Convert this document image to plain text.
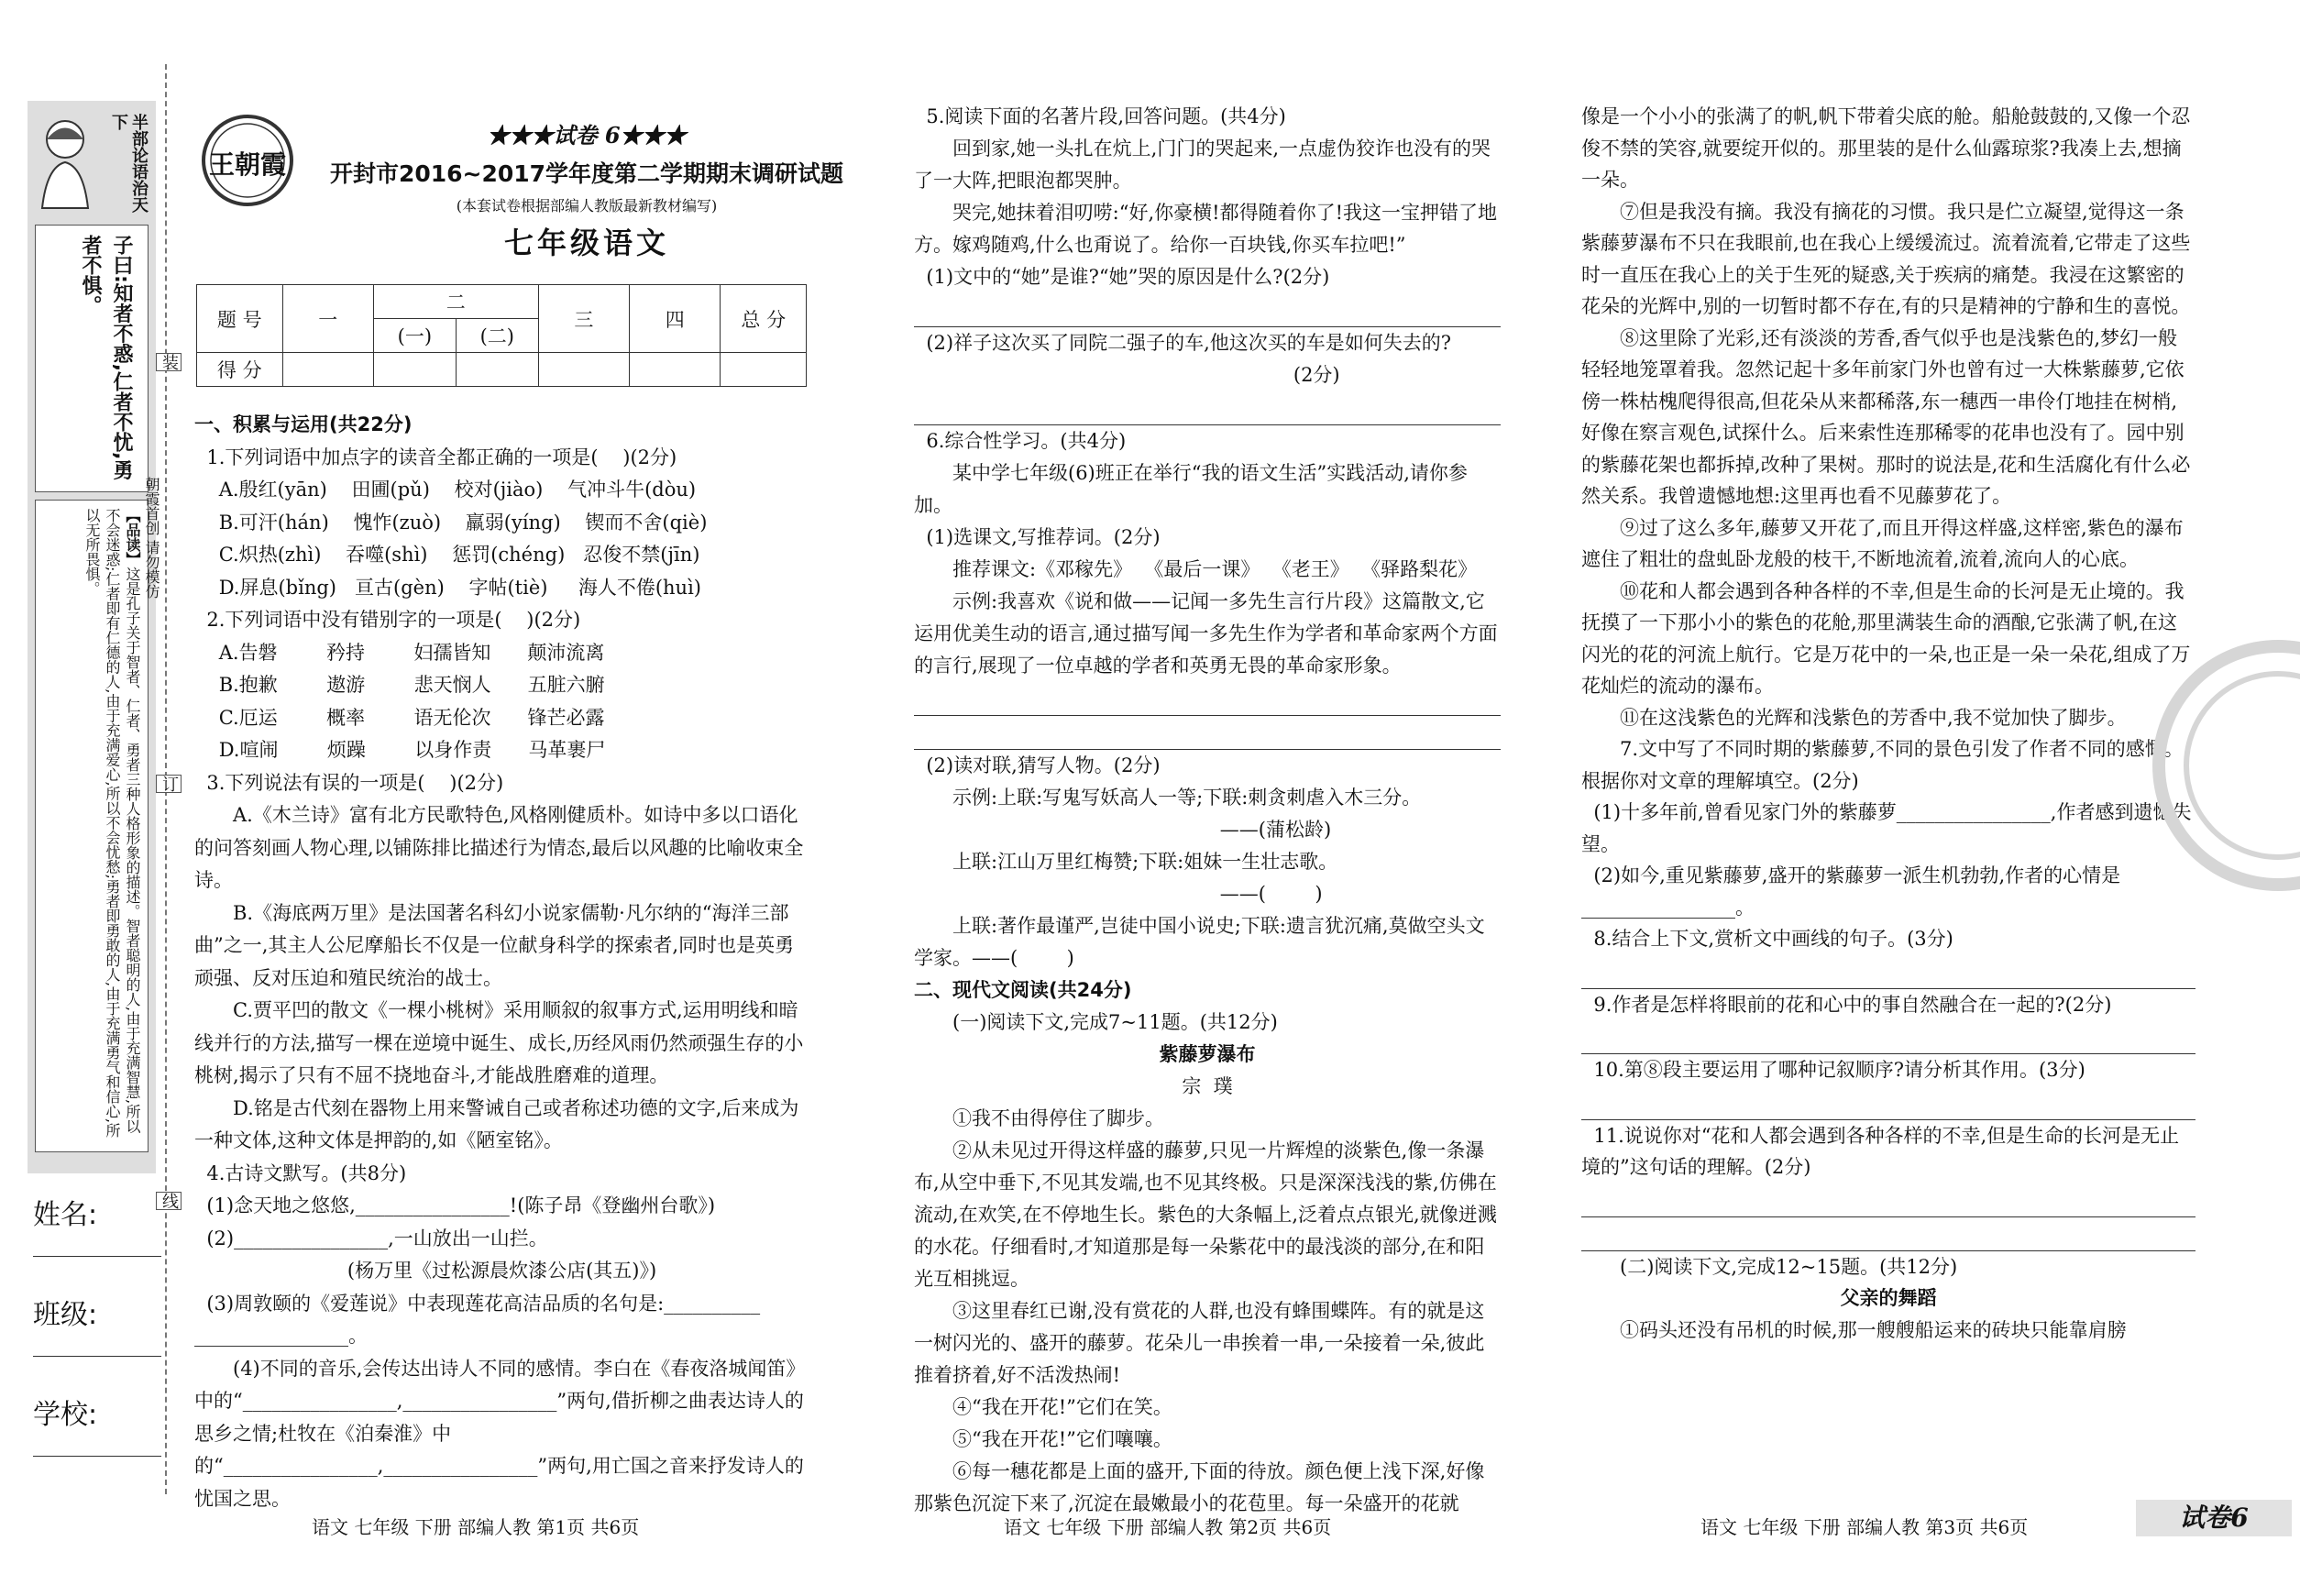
半部论语治天下
子曰:知者不惑,仁者不忧,勇者不惧。
【品读】这是孔子关于智者、仁者、勇者三种人格形象的描述。智者聪明的人,由于充满智慧,所以不会迷惑;仁者即有仁德的人,由于充满爱心,所以不会忧愁;勇者即勇敢的人,由于充满勇气和信心,所以无所畏惧。
装
订
线
朝霞首创 请勿模仿
姓名:
班级:
学校:
王朝霞
★★★试卷 6★★★
开封市2016~2017学年度第二学期期末调研试题
(本套试卷根据部编人教版最新教材编写)
七年级语文
题 号	一	二		三	四	总 分
		(一)	(二)			
得 分						

一、积累与运用(共22分)

1.下列词语中加点字的读音全都正确的一项是(    )(2分)

A.殷红(yān)    田圃(pǔ)    校对(jiào)    气冲斗牛(dòu)

B.可汗(hán)    愧怍(zuò)    羸弱(yíng)    锲而不舍(qiè)

C.炽热(zhì)    吞噬(shì)    惩罚(chéng)   忍俊不禁(jīn)

D.屏息(bǐng)   亘古(gèn)    字帖(tiè)     海人不倦(huì)

2.下列词语中没有错别字的一项是(    )(2分)

A.告磐        矜持        妇孺皆知      颠沛流离

B.抱歉        遨游        悲天悯人      五脏六腑

C.厄运        概率        语无伦次      锋芒必露

D.喧闹        烦躁        以身作责      马革裹尸

3.下列说法有误的一项是(    )(2分)

A.《木兰诗》富有北方民歌特色,风格刚健质朴。如诗中多以口语化的问答刻画人物心理,以铺陈排比描述行为情态,最后以风趣的比喻收束全诗。

B.《海底两万里》是法国著名科幻小说家儒勒·凡尔纳的“海洋三部曲”之一,其主人公尼摩船长不仅是一位献身科学的探索者,同时也是英勇顽强、反对压迫和殖民统治的战士。

C.贾平凹的散文《一棵小桃树》采用顺叙的叙事方式,运用明线和暗线并行的方法,描写一棵在逆境中诞生、成长,历经风雨仍然顽强生存的小桃树,揭示了只有不屈不挠地奋斗,才能战胜磨难的道理。

D.铭是古代刻在器物上用来警诫自己或者称述功德的文字,后来成为一种文体,这种文体是押韵的,如《陋室铭》。

4.古诗文默写。(共8分)

(1)念天地之悠悠,________________!(陈子昂《登幽州台歌》)

(2)________________,一山放出一山拦。

(杨万里《过松源晨炊漆公店(其五)》)

(3)周敦颐的《爱莲说》中表现莲花高洁品质的名句是:__________

________________。

(4)不同的音乐,会传达出诗人不同的感情。李白在《春夜洛城闻笛》中的“________________,________________”两句,借折柳之曲表达诗人的思乡之情;杜牧在《泊秦淮》中的“________________,________________”两句,用亡国之音来抒发诗人的忧国之思。

5.阅读下面的名著片段,回答问题。(共4分)

回到家,她一头扎在炕上,门门的哭起来,一点虚伪狡诈也没有的哭了一大阵,把眼泡都哭肿。

哭完,她抹着泪叨唠:“好,你豪横!都得随着你了!我这一宝押错了地方。嫁鸡随鸡,什么也甭说了。给你一百块钱,你买车拉吧!”

(1)文中的“她”是谁?“她”哭的原因是什么?(2分)

(2)祥子这次买了同院二强子的车,他这次买的车是如何失去的?

(2分)

6.综合性学习。(共4分)

某中学七年级(6)班正在举行“我的语文生活”实践活动,请你参加。

(1)选课文,写推荐词。(2分)

推荐课文:《邓稼先》  《最后一课》  《老王》  《驿路梨花》

示例:我喜欢《说和做——记闻一多先生言行片段》这篇散文,它运用优美生动的语言,通过描写闻一多先生作为学者和革命家两个方面的言行,展现了一位卓越的学者和英勇无畏的革命家形象。

(2)读对联,猜写人物。(2分)

示例:上联:写鬼写妖高人一等;下联:刺贪刺虐入木三分。

——(蒲松龄)

上联:江山万里红梅赞;下联:姐妹一生壮志歌。

——(        )

上联:著作最谨严,岂徒中国小说史;下联:遗言犹沉痛,莫做空头文学家。——(        )

二、现代文阅读(共24分)

(一)阅读下文,完成7~11题。(共12分)

紫藤萝瀑布

宗  璞

①我不由得停住了脚步。

②从未见过开得这样盛的藤萝,只见一片辉煌的淡紫色,像一条瀑布,从空中垂下,不见其发端,也不见其终极。只是深深浅浅的紫,仿佛在流动,在欢笑,在不停地生长。紫色的大条幅上,泛着点点银光,就像迸溅的水花。仔细看时,才知道那是每一朵紫花中的最浅淡的部分,在和阳光互相挑逗。

③这里春红已谢,没有赏花的人群,也没有蜂围蝶阵。有的就是这一树闪光的、盛开的藤萝。花朵儿一串挨着一串,一朵接着一朵,彼此推着挤着,好不活泼热闹!

④“我在开花!”它们在笑。

⑤“我在开花!”它们嚷嚷。

⑥每一穗花都是上面的盛开,下面的待放。颜色便上浅下深,好像那紫色沉淀下来了,沉淀在最嫩最小的花苞里。每一朵盛开的花就

像是一个小小的张满了的帆,帆下带着尖底的舱。船舱鼓鼓的,又像一个忍俊不禁的笑容,就要绽开似的。那里装的是什么仙露琼浆?我凑上去,想摘一朵。

⑦但是我没有摘。我没有摘花的习惯。我只是伫立凝望,觉得这一条紫藤萝瀑布不只在我眼前,也在我心上缓缓流过。流着流着,它带走了这些时一直压在我心上的关于生死的疑惑,关于疾病的痛楚。我浸在这繁密的花朵的光辉中,别的一切暂时都不存在,有的只是精神的宁静和生的喜悦。

⑧这里除了光彩,还有淡淡的芳香,香气似乎也是浅紫色的,梦幻一般轻轻地笼罩着我。忽然记起十多年前家门外也曾有过一大株紫藤萝,它依傍一株枯槐爬得很高,但花朵从来都稀落,东一穗西一串伶仃地挂在树梢,好像在察言观色,试探什么。后来索性连那稀零的花串也没有了。园中别的紫藤花架也都拆掉,改种了果树。那时的说法是,花和生活腐化有什么必然关系。我曾遗憾地想:这里再也看不见藤萝花了。

⑨过了这么多年,藤萝又开花了,而且开得这样盛,这样密,紫色的瀑布遮住了粗壮的盘虬卧龙般的枝干,不断地流着,流着,流向人的心底。

⑩花和人都会遇到各种各样的不幸,但是生命的长河是无止境的。我抚摸了一下那小小的紫色的花舱,那里满装生命的酒酿,它张满了帆,在这闪光的花的河流上航行。它是万花中的一朵,也正是一朵一朵花,组成了万花灿烂的流动的瀑布。

⑪在这浅紫色的光辉和浅紫色的芳香中,我不觉加快了脚步。

7.文中写了不同时期的紫藤萝,不同的景色引发了作者不同的感慨。根据你对文章的理解填空。(2分)

(1)十多年前,曾看见家门外的紫藤萝________________,作者感到遗憾失望。

(2)如今,重见紫藤萝,盛开的紫藤萝一派生机勃勃,作者的心情是________________。

8.结合上下文,赏析文中画线的句子。(3分)

9.作者是怎样将眼前的花和心中的事自然融合在一起的?(2分)

10.第⑧段主要运用了哪种记叙顺序?请分析其作用。(3分)

11.说说你对“花和人都会遇到各种各样的不幸,但是生命的长河是无止境的”这句话的理解。(2分)

(二)阅读下文,完成12~15题。(共12分)

父亲的舞蹈

①码头还没有吊机的时候,那一艘艘船运来的砖块只能靠肩膀

语文 七年级 下册 部编人教 第1页 共6页	语文 七年级 下册 部编人教 第2页 共6页	语文 七年级 下册 部编人教 第3页 共6页	试卷6
